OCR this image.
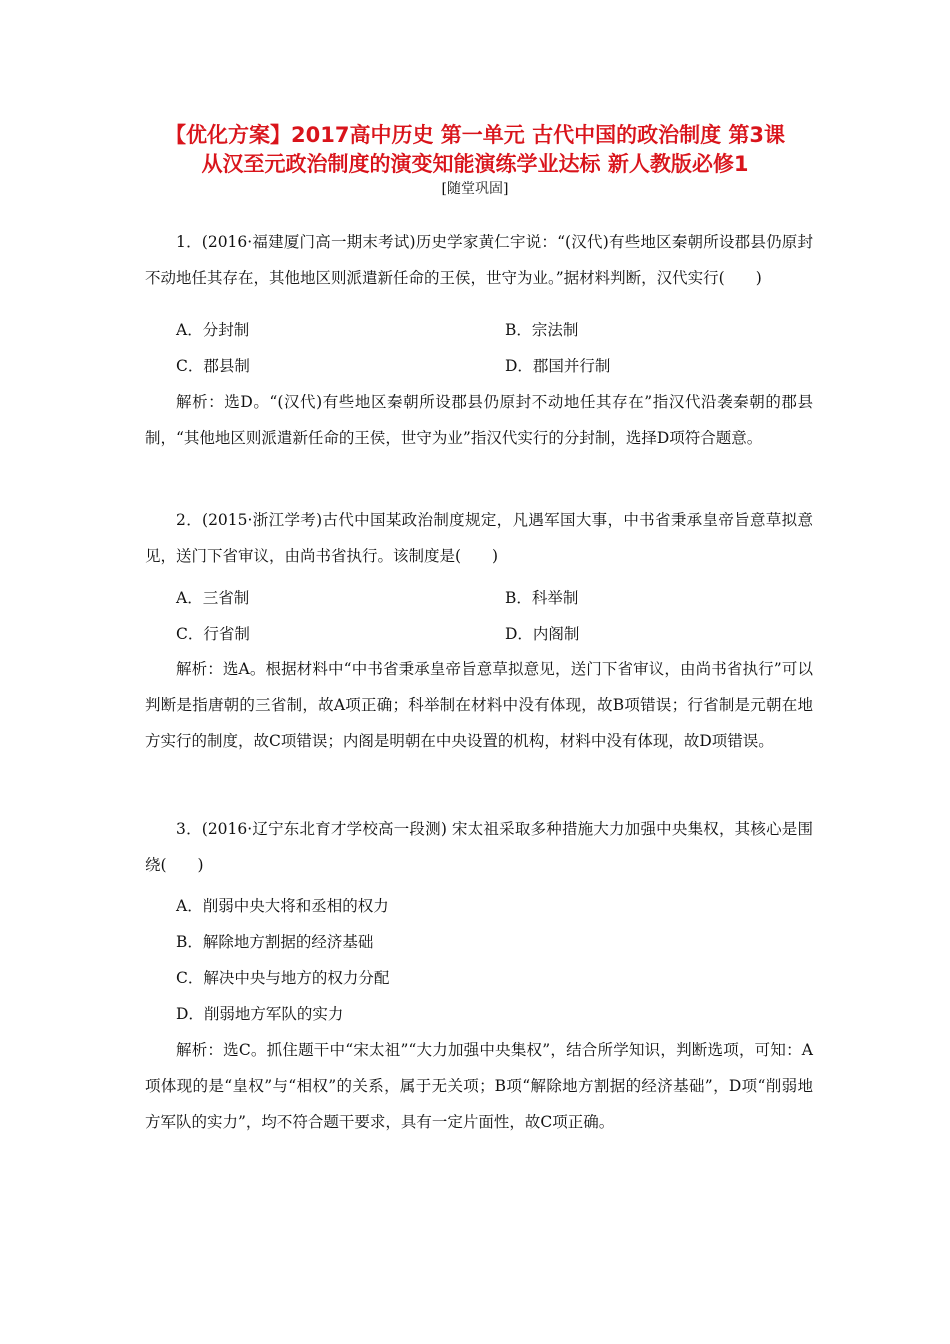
【优化方案】2017高中历史 第一单元 古代中国的政治制度 第3课
从汉至元政治制度的演变知能演练学业达标 新人教版必修1
[随堂巩固]

1．(2016·福建厦门高一期末考试)历史学家黄仁宇说：“(汉代)有些地区秦朝所设郡县仍原封不动地任其存在，其他地区则派遣新任命的王侯，世守为业。”据材料判断，汉代实行(　　)

A．分封制	B．宗法制
C．郡县制	D．郡国并行制

解析：选D。“(汉代)有些地区秦朝所设郡县仍原封不动地任其存在”指汉代沿袭秦朝的郡县制，“其他地区则派遣新任命的王侯，世守为业”指汉代实行的分封制，选择D项符合题意。

2．(2015·浙江学考)古代中国某政治制度规定，凡遇军国大事，中书省秉承皇帝旨意草拟意见，送门下省审议，由尚书省执行。该制度是(　　)

A．三省制	B．科举制
C．行省制	D．内阁制

解析：选A。根据材料中“中书省秉承皇帝旨意草拟意见，送门下省审议，由尚书省执行”可以判断是指唐朝的三省制，故A项正确；科举制在材料中没有体现，故B项错误；行省制是元朝在地方实行的制度，故C项错误；内阁是明朝在中央设置的机构，材料中没有体现，故D项错误。

3．(2016·辽宁东北育才学校高一段测) 宋太祖采取多种措施大力加强中央集权，其核心是围绕(　　)

A．削弱中央大将和丞相的权力
B．解除地方割据的经济基础
C．解决中央与地方的权力分配
D．削弱地方军队的实力

解析：选C。抓住题干中“宋太祖”“大力加强中央集权”，结合所学知识，判断选项，可知：A项体现的是“皇权”与“相权”的关系，属于无关项；B项“解除地方割据的经济基础”，D项“削弱地方军队的实力”，均不符合题干要求，具有一定片面性，故C项正确。
